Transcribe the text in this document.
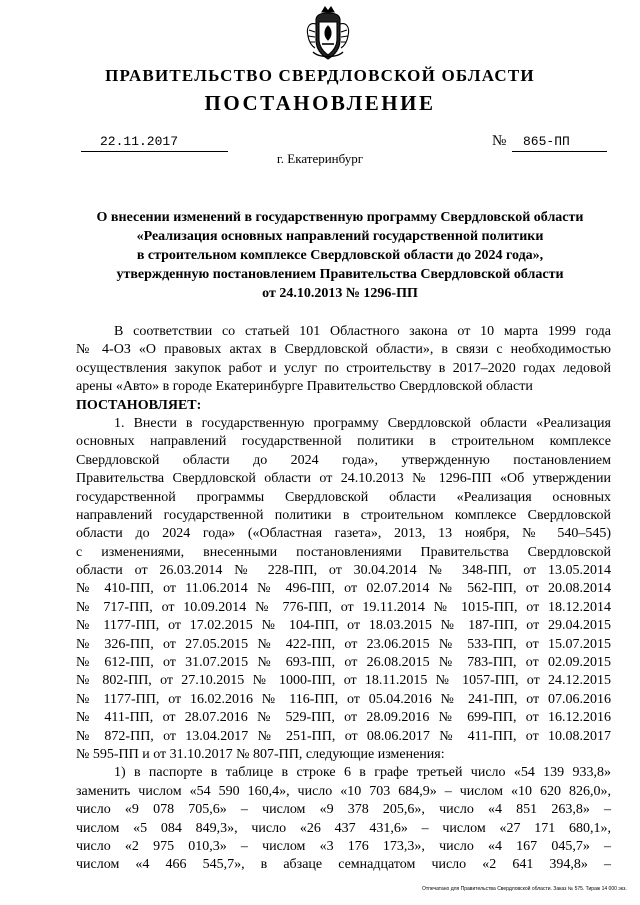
ПРАВИТЕЛЬСТВО СВЕРДЛОВСКОЙ ОБЛАСТИ
ПОСТАНОВЛЕНИЕ
22.11.2017	№ 865-ПП
г. Екатеринбург
О внесении изменений в государственную программу Свердловской области
«Реализация основных направлений государственной политики
в строительном комплексе Свердловской области до 2024 года»,
утвержденную постановлением Правительства Свердловской области
от 24.10.2013 № 1296-ПП
В соответствии со статьей 101 Областного закона от 10 марта 1999 года
№ 4-ОЗ «О правовых актах в Свердловской области», в связи с необходимостью
осуществления закупок работ и услуг по строительству в 2017–2020 годах ледовой
арены «Авто» в городе Екатеринбурге Правительство Свердловской области
ПОСТАНОВЛЯЕТ:
1. Внести в государственную программу Свердловской области «Реализация
основных направлений государственной политики в строительном комплексе
Свердловской области до 2024 года», утвержденную постановлением
Правительства Свердловской области от 24.10.2013 № 1296-ПП «Об утверждении
государственной программы Свердловской области «Реализация основных
направлений государственной политики в строительном комплексе Свердловской
области до 2024 года» («Областная газета», 2013, 13 ноября, № 540–545)
с изменениями, внесенными постановлениями Правительства Свердловской
области от 26.03.2014 № 228-ПП, от 30.04.2014 № 348-ПП, от 13.05.2014
№ 410-ПП, от 11.06.2014 № 496-ПП, от 02.07.2014 № 562-ПП, от 20.08.2014
№ 717-ПП, от 10.09.2014 № 776-ПП, от 19.11.2014 № 1015-ПП, от 18.12.2014
№ 1177-ПП, от 17.02.2015 № 104-ПП, от 18.03.2015 № 187-ПП, от 29.04.2015
№ 326-ПП, от 27.05.2015 № 422-ПП, от 23.06.2015 № 533-ПП, от 15.07.2015
№ 612-ПП, от 31.07.2015 № 693-ПП, от 26.08.2015 № 783-ПП, от 02.09.2015
№ 802-ПП, от 27.10.2015 № 1000-ПП, от 18.11.2015 № 1057-ПП, от 24.12.2015
№ 1177-ПП, от 16.02.2016 № 116-ПП, от 05.04.2016 № 241-ПП, от 07.06.2016
№ 411-ПП, от 28.07.2016 № 529-ПП, от 28.09.2016 № 699-ПП, от 16.12.2016
№ 872-ПП, от 13.04.2017 № 251-ПП, от 08.06.2017 № 411-ПП, от 10.08.2017
№ 595-ПП и от 31.10.2017 № 807-ПП, следующие изменения:
1) в паспорте в таблице в строке 6 в графе третьей число «54 139 933,8»
заменить числом «54 590 160,4», число «10 703 684,9» – числом «10 620 826,0»,
число «9 078 705,6» – числом «9 378 205,6», число «4 851 263,8» –
числом «5 084 849,3», число «26 437 431,6» – числом «27 171 680,1»,
число «2 975 010,3» – числом «3 176 173,3», число «4 167 045,7» –
числом «4 466 545,7», в абзаце семнадцатом число «2 641 394,8» –
Отпечатано для Правительства Свердловской области. Заказ № 575. Тираж 14 000 экз.
